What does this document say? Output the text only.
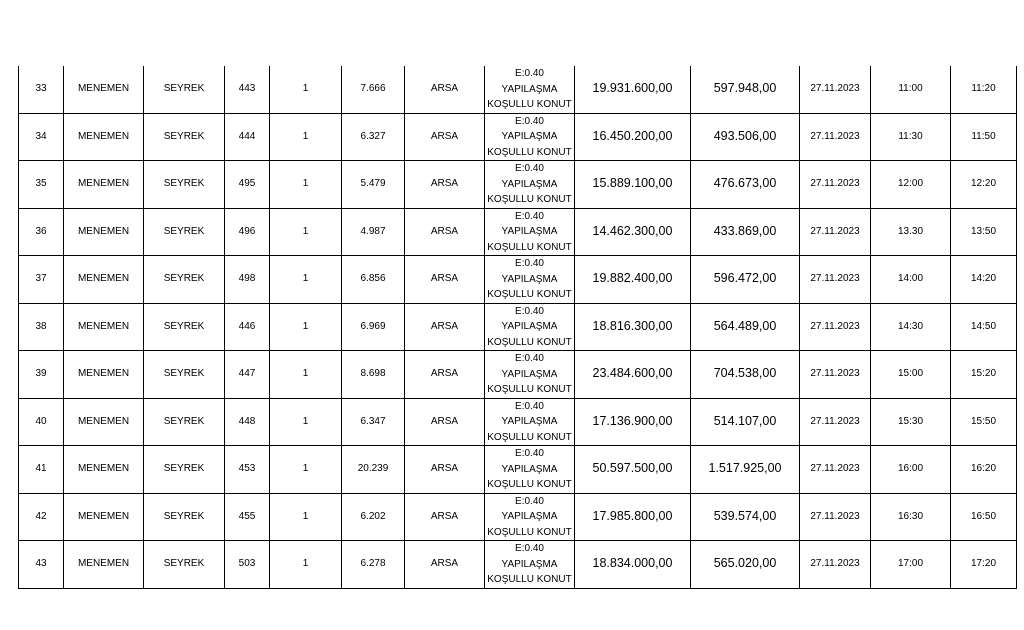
33	MENEMEN	SEYREK	443	1	7.666	ARSA	E:0.40
YAPILAŞMA
KOŞULLU KONUT	19.931.600,00	597.948,00	27.11.2023	11:00	11:20
34	MENEMEN	SEYREK	444	1	6.327	ARSA	E:0.40
YAPILAŞMA
KOŞULLU KONUT	16.450.200,00	493.506,00	27.11.2023	11:30	11:50
35	MENEMEN	SEYREK	495	1	5.479	ARSA	E:0.40
YAPILAŞMA
KOŞULLU KONUT	15.889.100,00	476.673,00	27.11.2023	12:00	12:20
36	MENEMEN	SEYREK	496	1	4.987	ARSA	E:0.40
YAPILAŞMA
KOŞULLU KONUT	14.462.300,00	433.869,00	27.11.2023	13.30	13:50
37	MENEMEN	SEYREK	498	1	6.856	ARSA	E:0.40
YAPILAŞMA
KOŞULLU KONUT	19.882.400,00	596.472,00	27.11.2023	14:00	14:20
38	MENEMEN	SEYREK	446	1	6.969	ARSA	E:0.40
YAPILAŞMA
KOŞULLU KONUT	18.816.300,00	564.489,00	27.11.2023	14:30	14:50
39	MENEMEN	SEYREK	447	1	8.698	ARSA	E:0.40
YAPILAŞMA
KOŞULLU KONUT	23.484.600,00	704.538,00	27.11.2023	15:00	15:20
40	MENEMEN	SEYREK	448	1	6.347	ARSA	E:0.40
YAPILAŞMA
KOŞULLU KONUT	17.136.900,00	514.107,00	27.11.2023	15:30	15:50
41	MENEMEN	SEYREK	453	1	20.239	ARSA	E:0.40
YAPILAŞMA
KOŞULLU KONUT	50.597.500,00	1.517.925,00	27.11.2023	16:00	16:20
42	MENEMEN	SEYREK	455	1	6.202	ARSA	E:0.40
YAPILAŞMA
KOŞULLU KONUT	17.985.800,00	539.574,00	27.11.2023	16:30	16:50
43	MENEMEN	SEYREK	503	1	6.278	ARSA	E:0.40
YAPILAŞMA
KOŞULLU KONUT	18.834.000,00	565.020,00	27.11.2023	17:00	17:20
